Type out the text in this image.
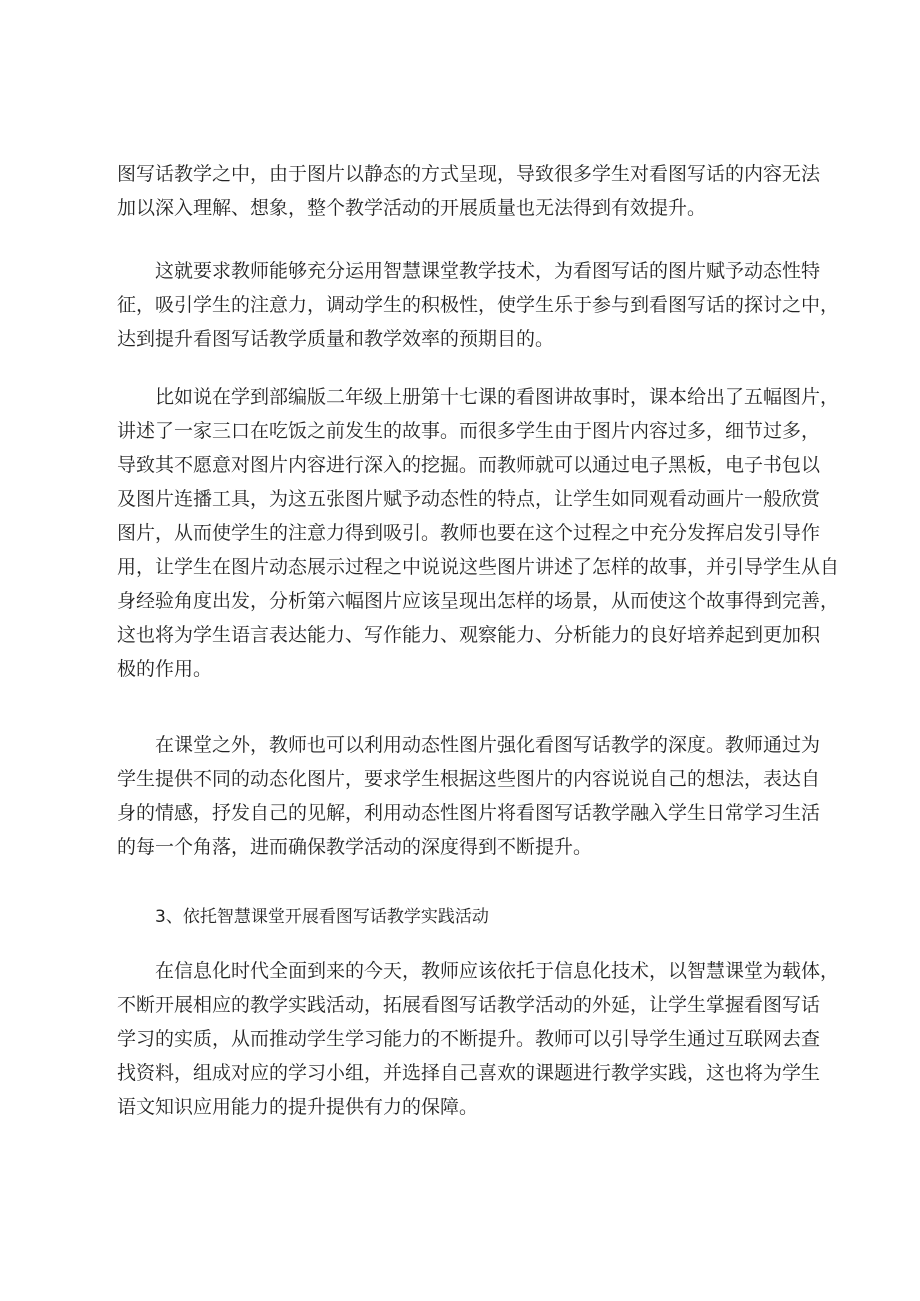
图写话教学之中，由于图片以静态的方式呈现，导致很多学生对看图写话的内容无法
加以深入理解、想象，整个教学活动的开展质量也无法得到有效提升。
这就要求教师能够充分运用智慧课堂教学技术，为看图写话的图片赋予动态性特
征，吸引学生的注意力，调动学生的积极性，使学生乐于参与到看图写话的探讨之中，
达到提升看图写话教学质量和教学效率的预期目的。
比如说在学到部编版二年级上册第十七课的看图讲故事时，课本给出了五幅图片，
讲述了一家三口在吃饭之前发生的故事。而很多学生由于图片内容过多，细节过多，
导致其不愿意对图片内容进行深入的挖掘。而教师就可以通过电子黑板，电子书包以
及图片连播工具，为这五张图片赋予动态性的特点，让学生如同观看动画片一般欣赏
图片，从而使学生的注意力得到吸引。教师也要在这个过程之中充分发挥启发引导作
用，让学生在图片动态展示过程之中说说这些图片讲述了怎样的故事，并引导学生从自
身经验角度出发，分析第六幅图片应该呈现出怎样的场景，从而使这个故事得到完善，
这也将为学生语言表达能力、写作能力、观察能力、分析能力的良好培养起到更加积
极的作用。
在课堂之外，教师也可以利用动态性图片强化看图写话教学的深度。教师通过为
学生提供不同的动态化图片，要求学生根据这些图片的内容说说自己的想法，表达自
身的情感，抒发自己的见解，利用动态性图片将看图写话教学融入学生日常学习生活
的每一个角落，进而确保教学活动的深度得到不断提升。
3、依托智慧课堂开展看图写话教学实践活动
在信息化时代全面到来的今天，教师应该依托于信息化技术，以智慧课堂为载体，
不断开展相应的教学实践活动，拓展看图写话教学活动的外延，让学生掌握看图写话
学习的实质，从而推动学生学习能力的不断提升。教师可以引导学生通过互联网去查
找资料，组成对应的学习小组，并选择自己喜欢的课题进行教学实践，这也将为学生
语文知识应用能力的提升提供有力的保障。
